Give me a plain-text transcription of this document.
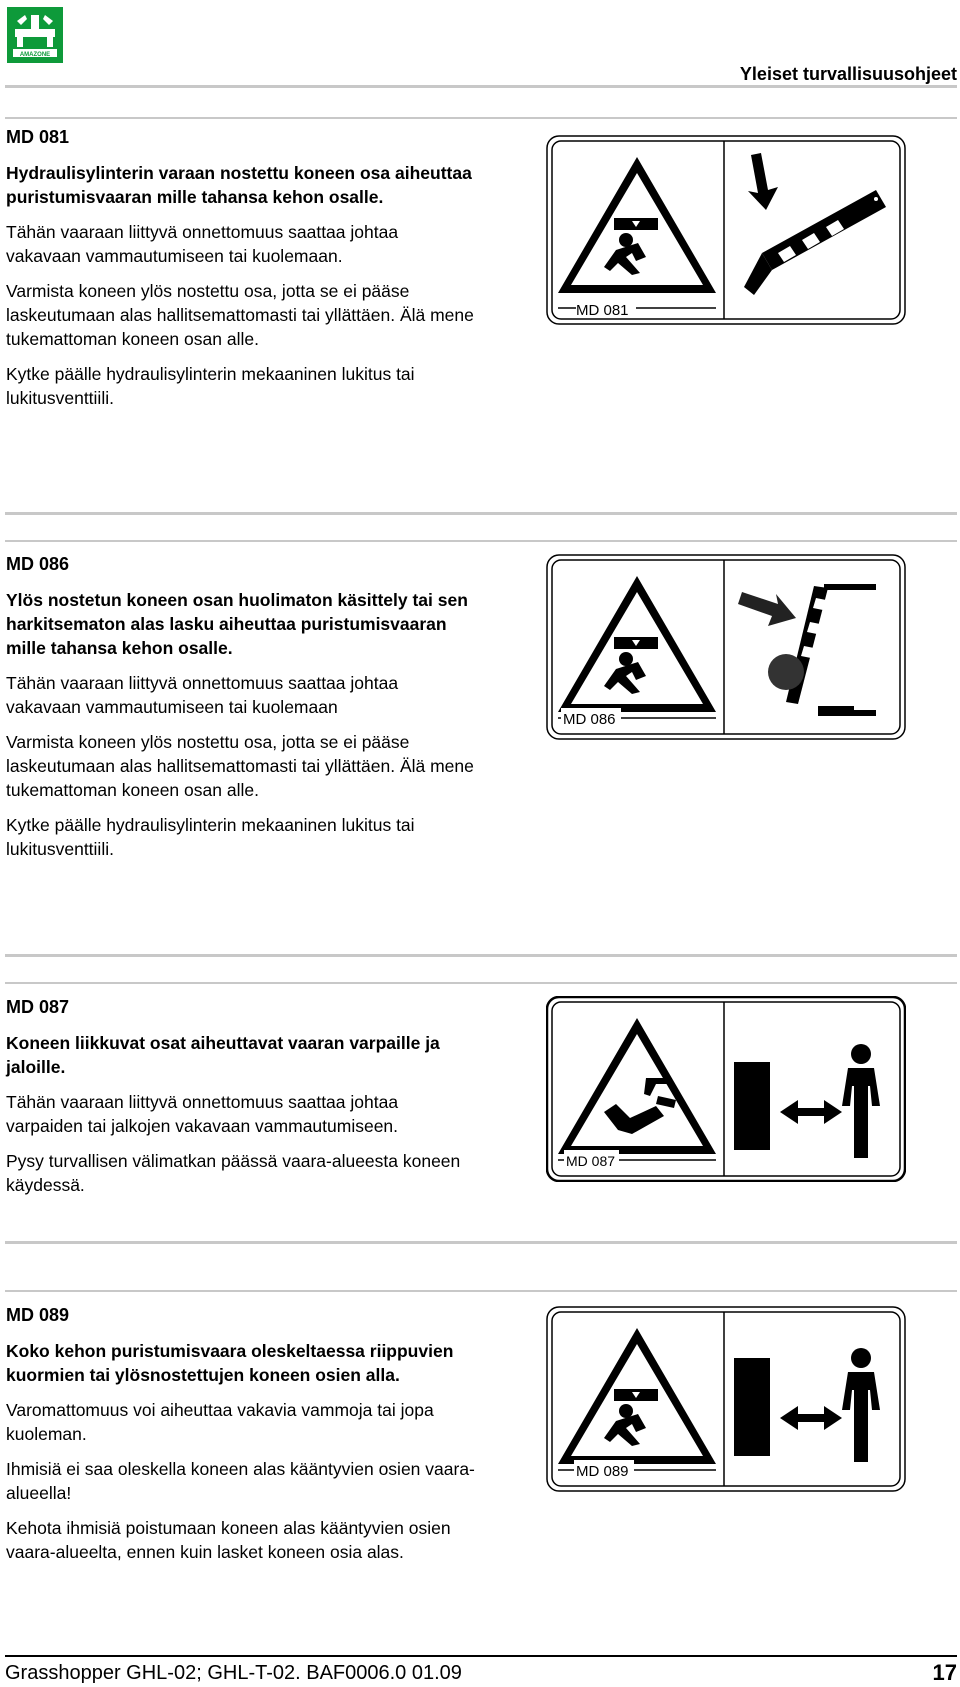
AMAZONE
Yleiset turvallisuusohjeet
MD 081

Hydraulisylinterin varaan nostettu koneen osa aiheuttaa puristumisvaaran mille tahansa kehon osalle.

Tähän vaaraan liittyvä onnettomuus saattaa johtaa vakavaan vammautumiseen tai kuolemaan.

Varmista koneen ylös nostettu osa, jotta se ei pääse laskeutumaan alas hallitsemattomasti tai yllättäen. Älä mene tukemattoman koneen osan alle.

Kytke päälle hydraulisylinterin mekaaninen lukitus tai lukitusventtiili.

MD 081
MD 086

Ylös nostetun koneen osan huolimaton käsittely tai sen harkitsematon alas lasku aiheuttaa puristumisvaaran mille tahansa kehon osalle.

Tähän vaaraan liittyvä onnettomuus saattaa johtaa vakavaan vammautumiseen tai kuolemaan

Varmista koneen ylös nostettu osa, jotta se ei pääse laskeutumaan alas hallitsemattomasti tai yllättäen. Älä mene tukemattoman koneen osan alle.

Kytke päälle hydraulisylinterin mekaaninen lukitus tai lukitusventtiili.

MD 086
MD 087

Koneen liikkuvat osat aiheuttavat vaaran varpaille ja jaloille.

Tähän vaaraan liittyvä onnettomuus saattaa johtaa varpaiden tai jalkojen vakavaan vammautumiseen.

Pysy turvallisen välimatkan päässä vaara-alueesta koneen käydessä.

MD 087
MD 089

Koko kehon puristumisvaara oleskeltaessa riippuvien kuormien tai ylösnostettujen koneen osien alla.

Varomattomuus voi aiheuttaa vakavia vammoja tai jopa kuoleman.

Ihmisiä ei saa oleskella koneen alas kääntyvien osien vaara-alueella!

Kehota ihmisiä poistumaan koneen alas kääntyvien osien vaara-alueelta, ennen kuin lasket koneen osia alas.

MD 089
Grasshopper GHL-02; GHL-T-02. BAF0006.0 01.09	17
